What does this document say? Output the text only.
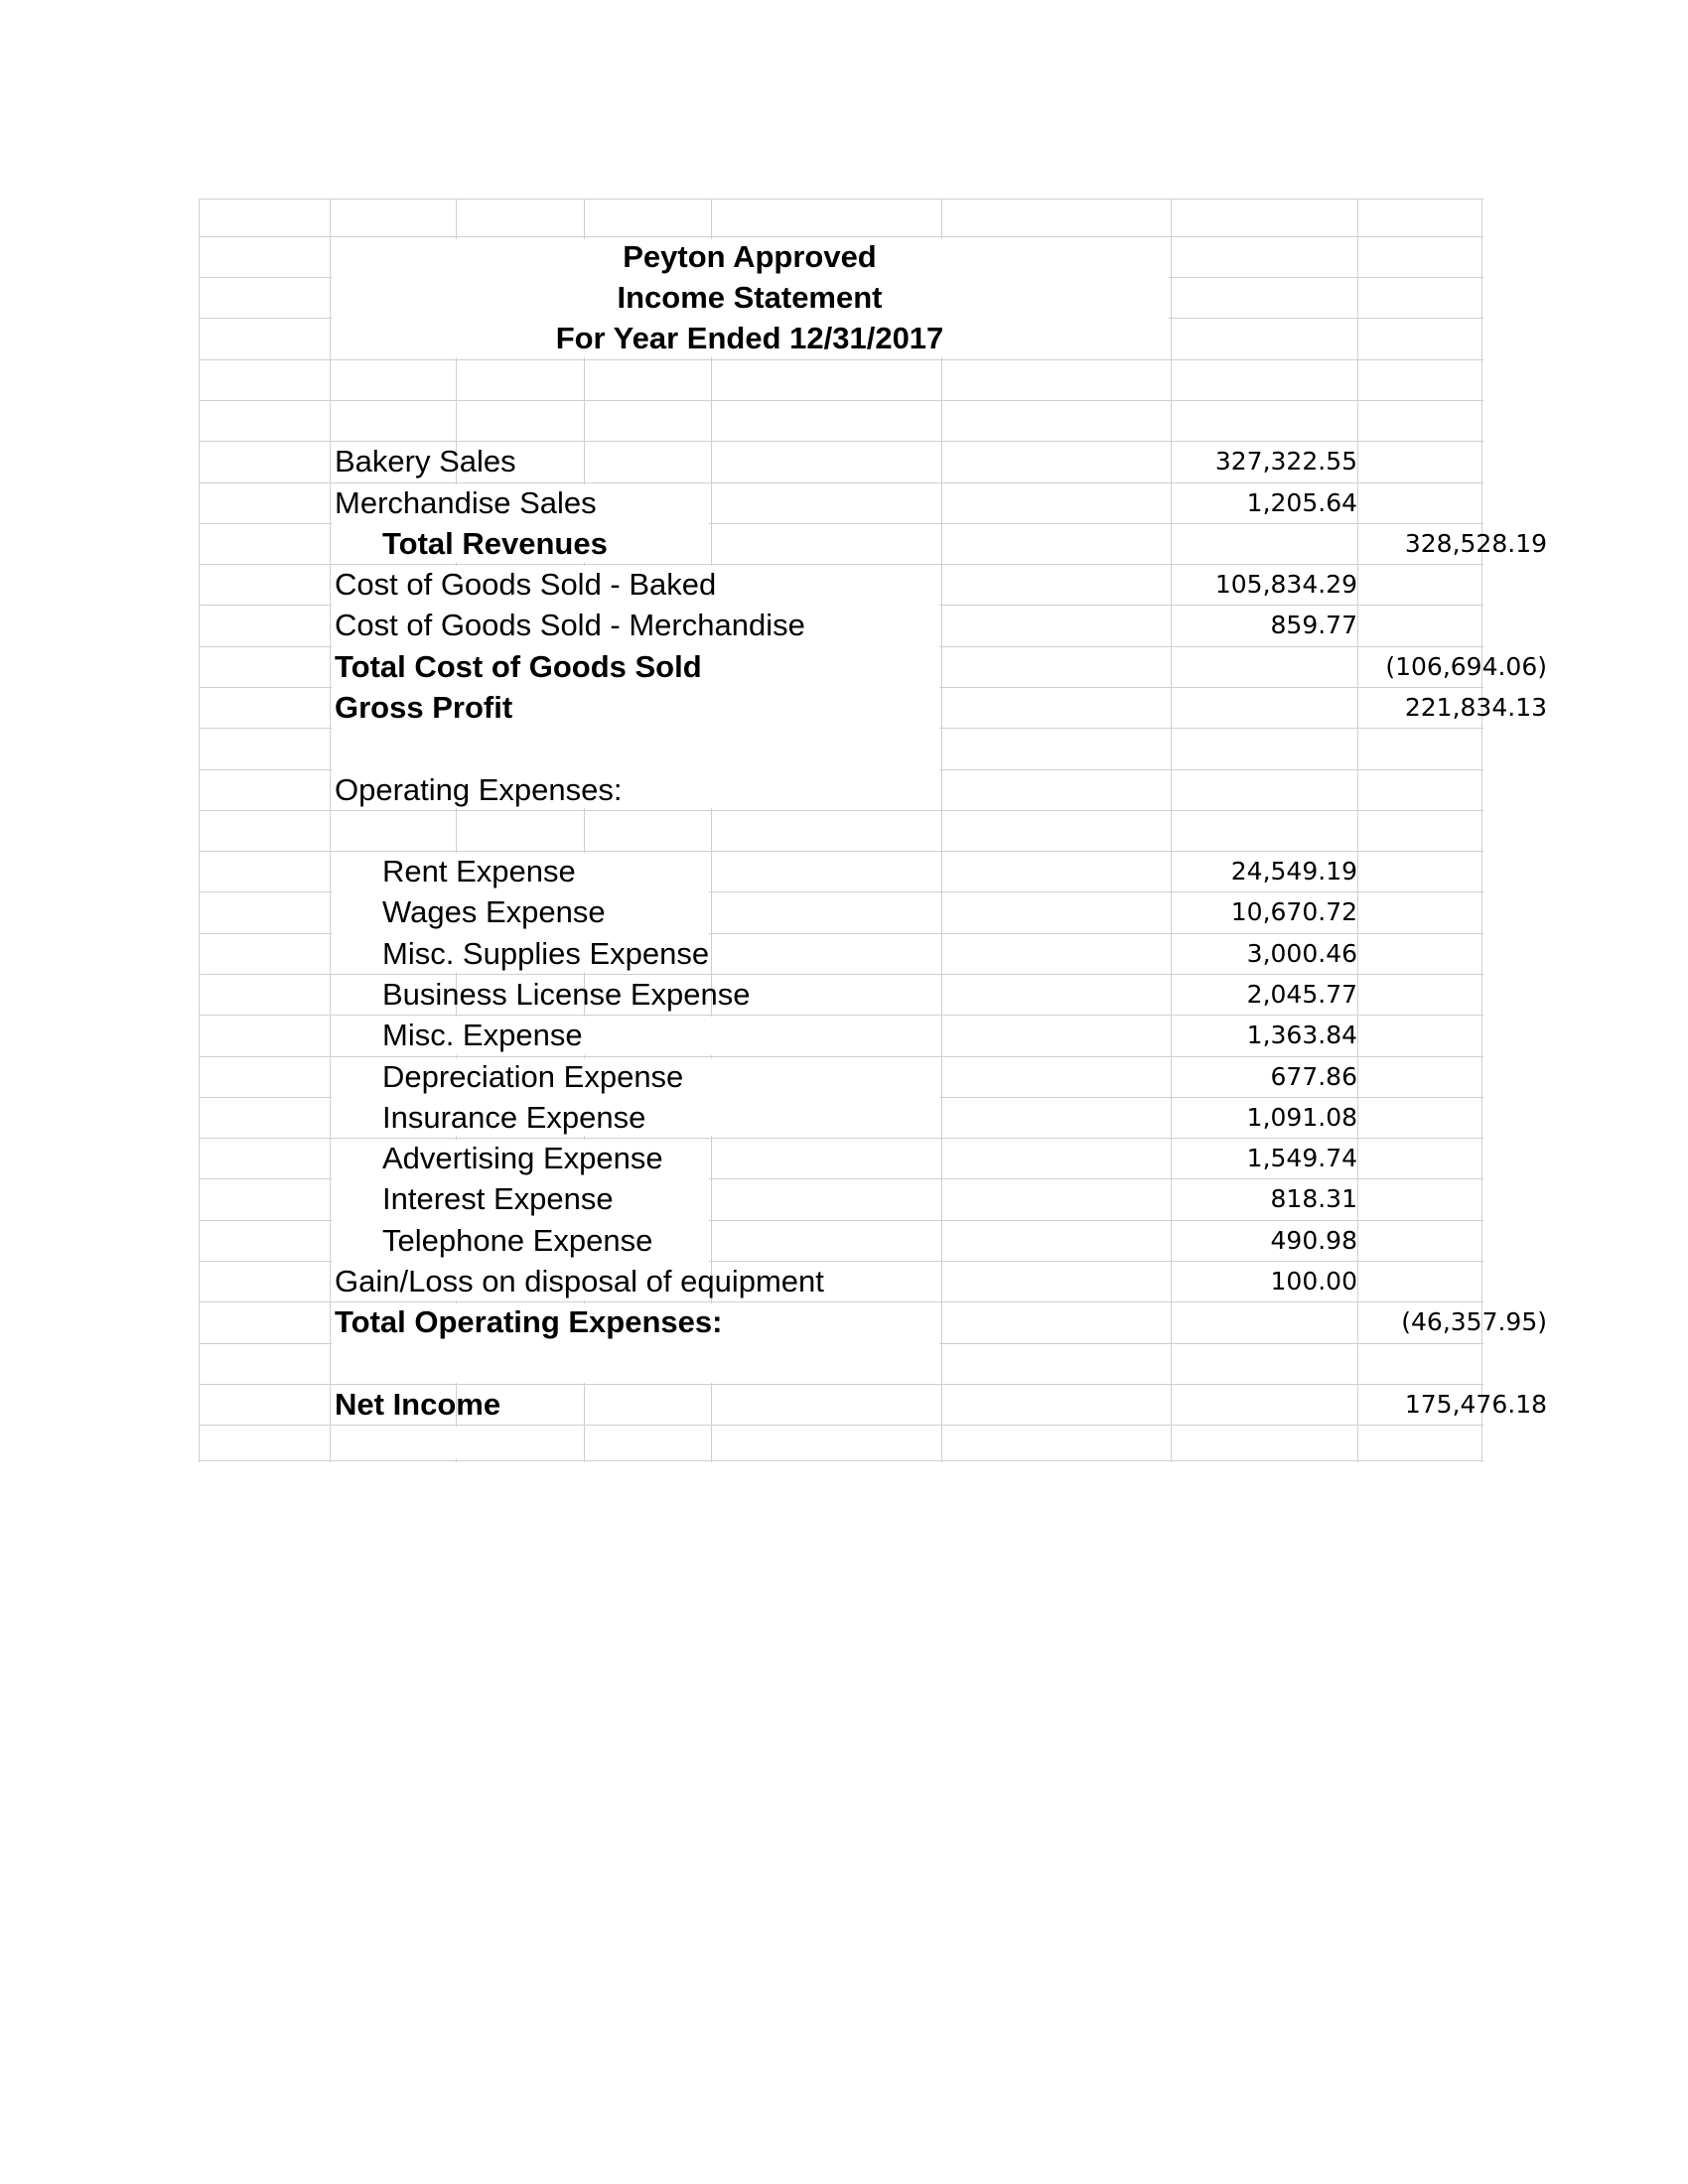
Peyton Approved
Income Statement
For Year Ended 12/31/2017
Bakery Sales	327,322.55
Merchandise Sales	1,205.64
Total Revenues	328,528.19
Cost of Goods Sold - Baked	105,834.29
Cost of Goods Sold - Merchandise	859.77
Total Cost of Goods Sold	(106,694.06)
Gross Profit	221,834.13
Operating Expenses:
Rent Expense	24,549.19
Wages Expense	10,670.72
Misc. Supplies Expense	3,000.46
Business License Expense	2,045.77
Misc. Expense	1,363.84
Depreciation Expense	677.86
Insurance Expense	1,091.08
Advertising Expense	1,549.74
Interest Expense	818.31
Telephone Expense	490.98
Gain/Loss on disposal of equipment	100.00
Total Operating Expenses:	(46,357.95)
Net Income	175,476.18
